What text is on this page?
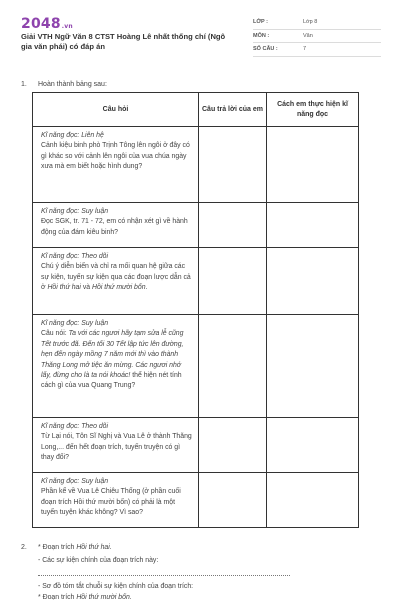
2048.vn
Giải VTH Ngữ Văn 8 CTST Hoàng Lê nhất thống chí (Ngô gia văn phái) có đáp án
LỚP :	Lớp 8
MÔN :	Văn
SỐ CÂU :	7
1. Hoàn thành bảng sau:
Câu hỏi	Câu trả lời của em	Cách em thực hiện kĩ năng đọc

Kĩ năng đọc: Liên hệ
Cảnh kiệu binh phò Trịnh Tông lên ngôi ở đây có gì khác so với cảnh lên ngôi của vua chúa ngày xưa mà em biết hoặc hình dung?		

Kĩ năng đọc: Suy luận
Đọc SGK, tr. 71 - 72, em có nhận xét gì về hành động của đám kiêu binh?		

Kĩ năng đọc: Theo dõi
Chú ý diễn biến và chỉ ra mối quan hệ giữa các sự kiện, tuyến sự kiện qua các đoạn lược dẫn cả ở Hồi thứ hai và Hồi thứ mười bốn.		

Kĩ năng đọc: Suy luận
Câu nói: Ta với các ngươi hãy tạm sửa lễ cũng Tết trước đã. Đến tối 30 Tết lập tức lên đường, hẹn đến ngày mồng 7 năm mới thì vào thành Thăng Long mở tiệc ăn mừng. Các ngươi nhớ lấy, đừng cho là ta nói khoác! thể hiện nét tính cách gì của vua Quang Trung?		

Kĩ năng đọc: Theo dõi
Từ Lại nói, Tôn Sĩ Nghị và Vua Lê ở thành Thăng Long,... đến hết đoạn trích, tuyến truyện có gì thay đổi?		

Kĩ năng đọc: Suy luận
Phần kể về Vua Lê Chiêu Thống (ở phần cuối đoạn trích Hồi thứ mười bốn) có phải là một tuyến tuyện khác không? Vì sao?		
2. * Đoạn trích Hồi thứ hai.
- Các sự kiện chính của đoạn trích này:
- Sơ đồ tóm tắt chuỗi sự kiện chính của đoạn trích:
* Đoạn trích Hồi thứ mười bốn.
